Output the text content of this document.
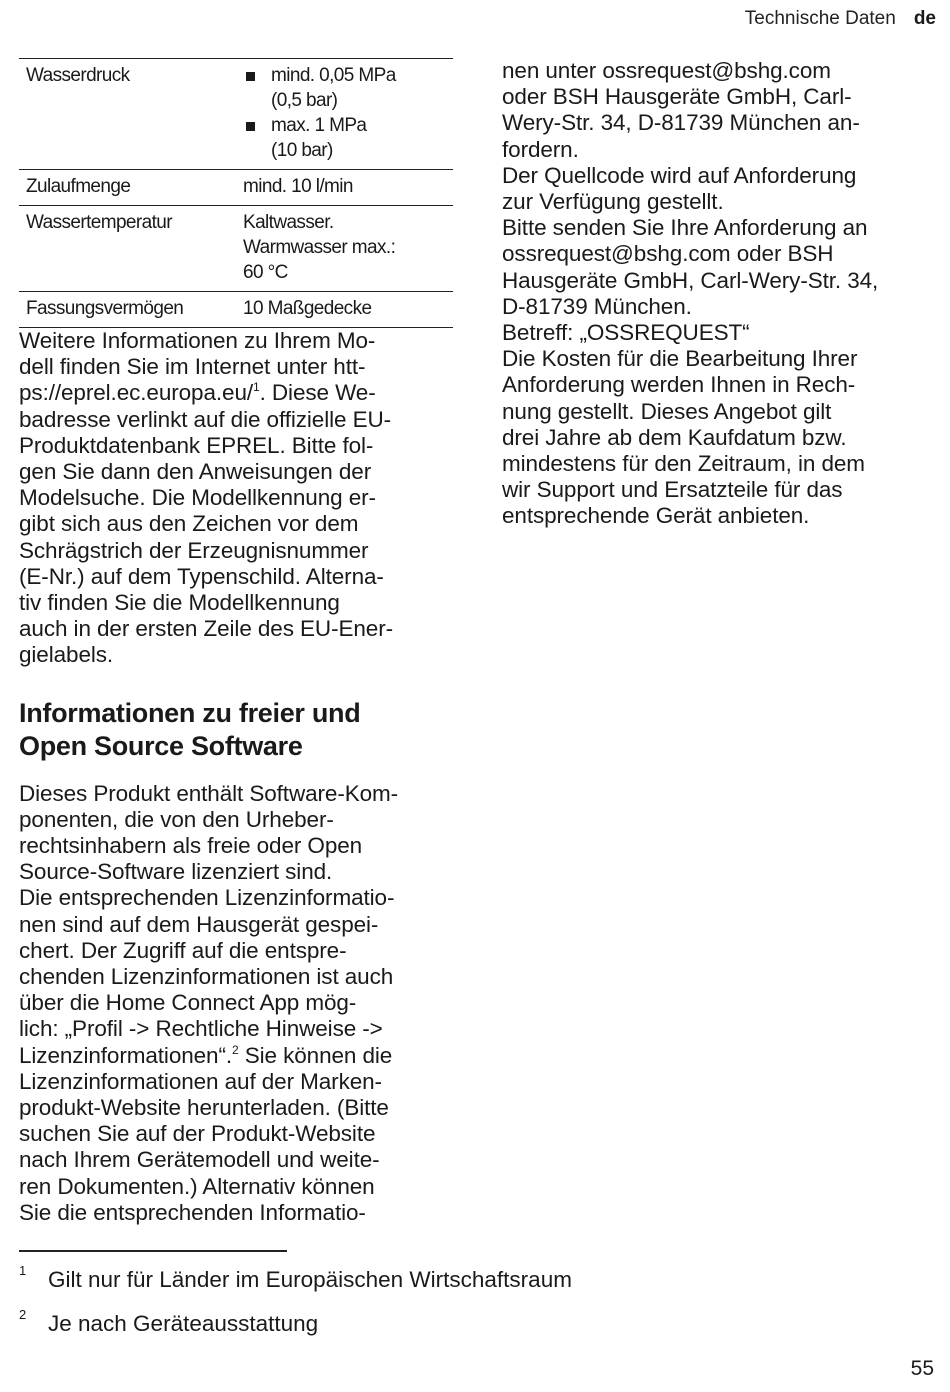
Technische Daten de
Wasserdruck	mind. 0,05 MPa
(0,5 bar)
max. 1 MPa
(10 bar)

Zulaufmenge	mind. 10 l/min
Wassertemperatur	Kaltwasser.
Warmwasser max.:
60 °C
Fassungsvermögen	10 Maßgedecke

Weitere Informationen zu Ihrem Mo-
dell finden Sie im Internet unter htt-
ps://eprel.ec.europa.eu/$^1$. Diese We-
badresse verlinkt auf die offizielle EU-
Produktdatenbank EPREL. Bitte fol-
gen Sie dann den Anweisungen der
Modelsuche. Die Modellkennung er-
gibt sich aus den Zeichen vor dem
Schrägstrich der Erzeugnisnummer
(E-Nr.) auf dem Typenschild. Alterna-
tiv finden Sie die Modellkennung
auch in der ersten Zeile des EU-Ener-
gielabels.

Informationen zu freier und
Open Source Software

Dieses Produkt enthält Software-Kom-
ponenten, die von den Urheber-
rechtsinhabern als freie oder Open
Source-Software lizenziert sind.

Die entsprechenden Lizenzinformatio-
nen sind auf dem Hausgerät gespei-
chert. Der Zugriff auf die entspre-
chenden Lizenzinformationen ist auch
über die Home Connect App mög-
lich: „Profil -> Rechtliche Hinweise ->
Lizenzinformationen“.$^2$ Sie können die
Lizenzinformationen auf der Marken-
produkt-Website herunterladen. (Bitte
suchen Sie auf der Produkt-Website
nach Ihrem Gerätemodell und weite-
ren Dokumenten.) Alternativ können
Sie die entsprechenden Informatio-

nen unter ossrequest@bshg.com
oder BSH Hausgeräte GmbH, Carl-
Wery-Str. 34, D-81739 München an-
fordern.
Der Quellcode wird auf Anforderung
zur Verfügung gestellt.
Bitte senden Sie Ihre Anforderung an
ossrequest@bshg.com oder BSH
Hausgeräte GmbH, Carl-Wery-Str. 34,
D-81739 München.
Betreff: „OSSREQUEST“
Die Kosten für die Bearbeitung Ihrer
Anforderung werden Ihnen in Rech-
nung gestellt. Dieses Angebot gilt
drei Jahre ab dem Kaufdatum bzw.
mindestens für den Zeitraum, in dem
wir Support und Ersatzteile für das
entsprechende Gerät anbieten.

1 Gilt nur für Länder im Europäischen Wirtschaftsraum
2 Je nach Geräteausstattung
55
